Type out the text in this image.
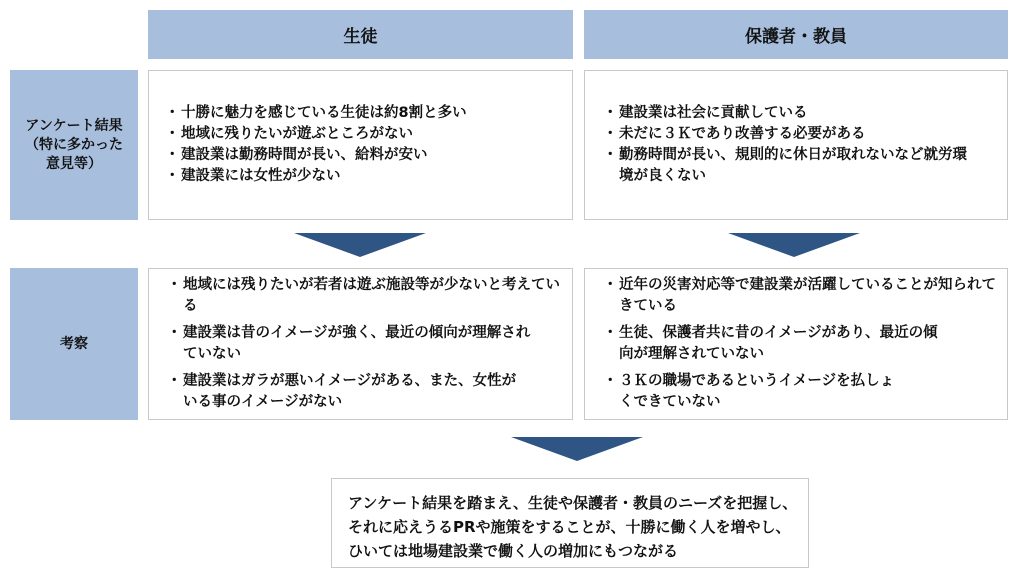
生徒	保護者・教員
アンケート結果
（特に多かった
意見等）
・ 十勝に魅力を感じている生徒は約8割と多い
・ 地域に残りたいが遊ぶところがない
・ 建設業は勤務時間が長い、給料が安い
・ 建設業には女性が少ない
・ 建設業は社会に貢献している
・ 未だに３Ｋであり改善する必要がある
・ 勤務時間が長い、規則的に休日が取れないなど就労環境が良くない
考察
・ 地域には残りたいが若者は遊ぶ施設等が少ないと考えている
・ 建設業は昔のイメージが強く、最近の傾向が理解されていない
・ 建設業はガラが悪いイメージがある、また、女性がいる事のイメージがない
・ 近年の災害対応等で建設業が活躍していることが知られてきている
・ 生徒、保護者共に昔のイメージがあり、最近の傾向が理解されていない
・ ３Ｋの職場であるというイメージを払しょくできていない
アンケート結果を踏まえ、生徒や保護者・教員のニーズを把握し、
それに応えうるPRや施策をすることが、十勝に働く人を増やし、
ひいては地場建設業で働く人の増加にもつながる
